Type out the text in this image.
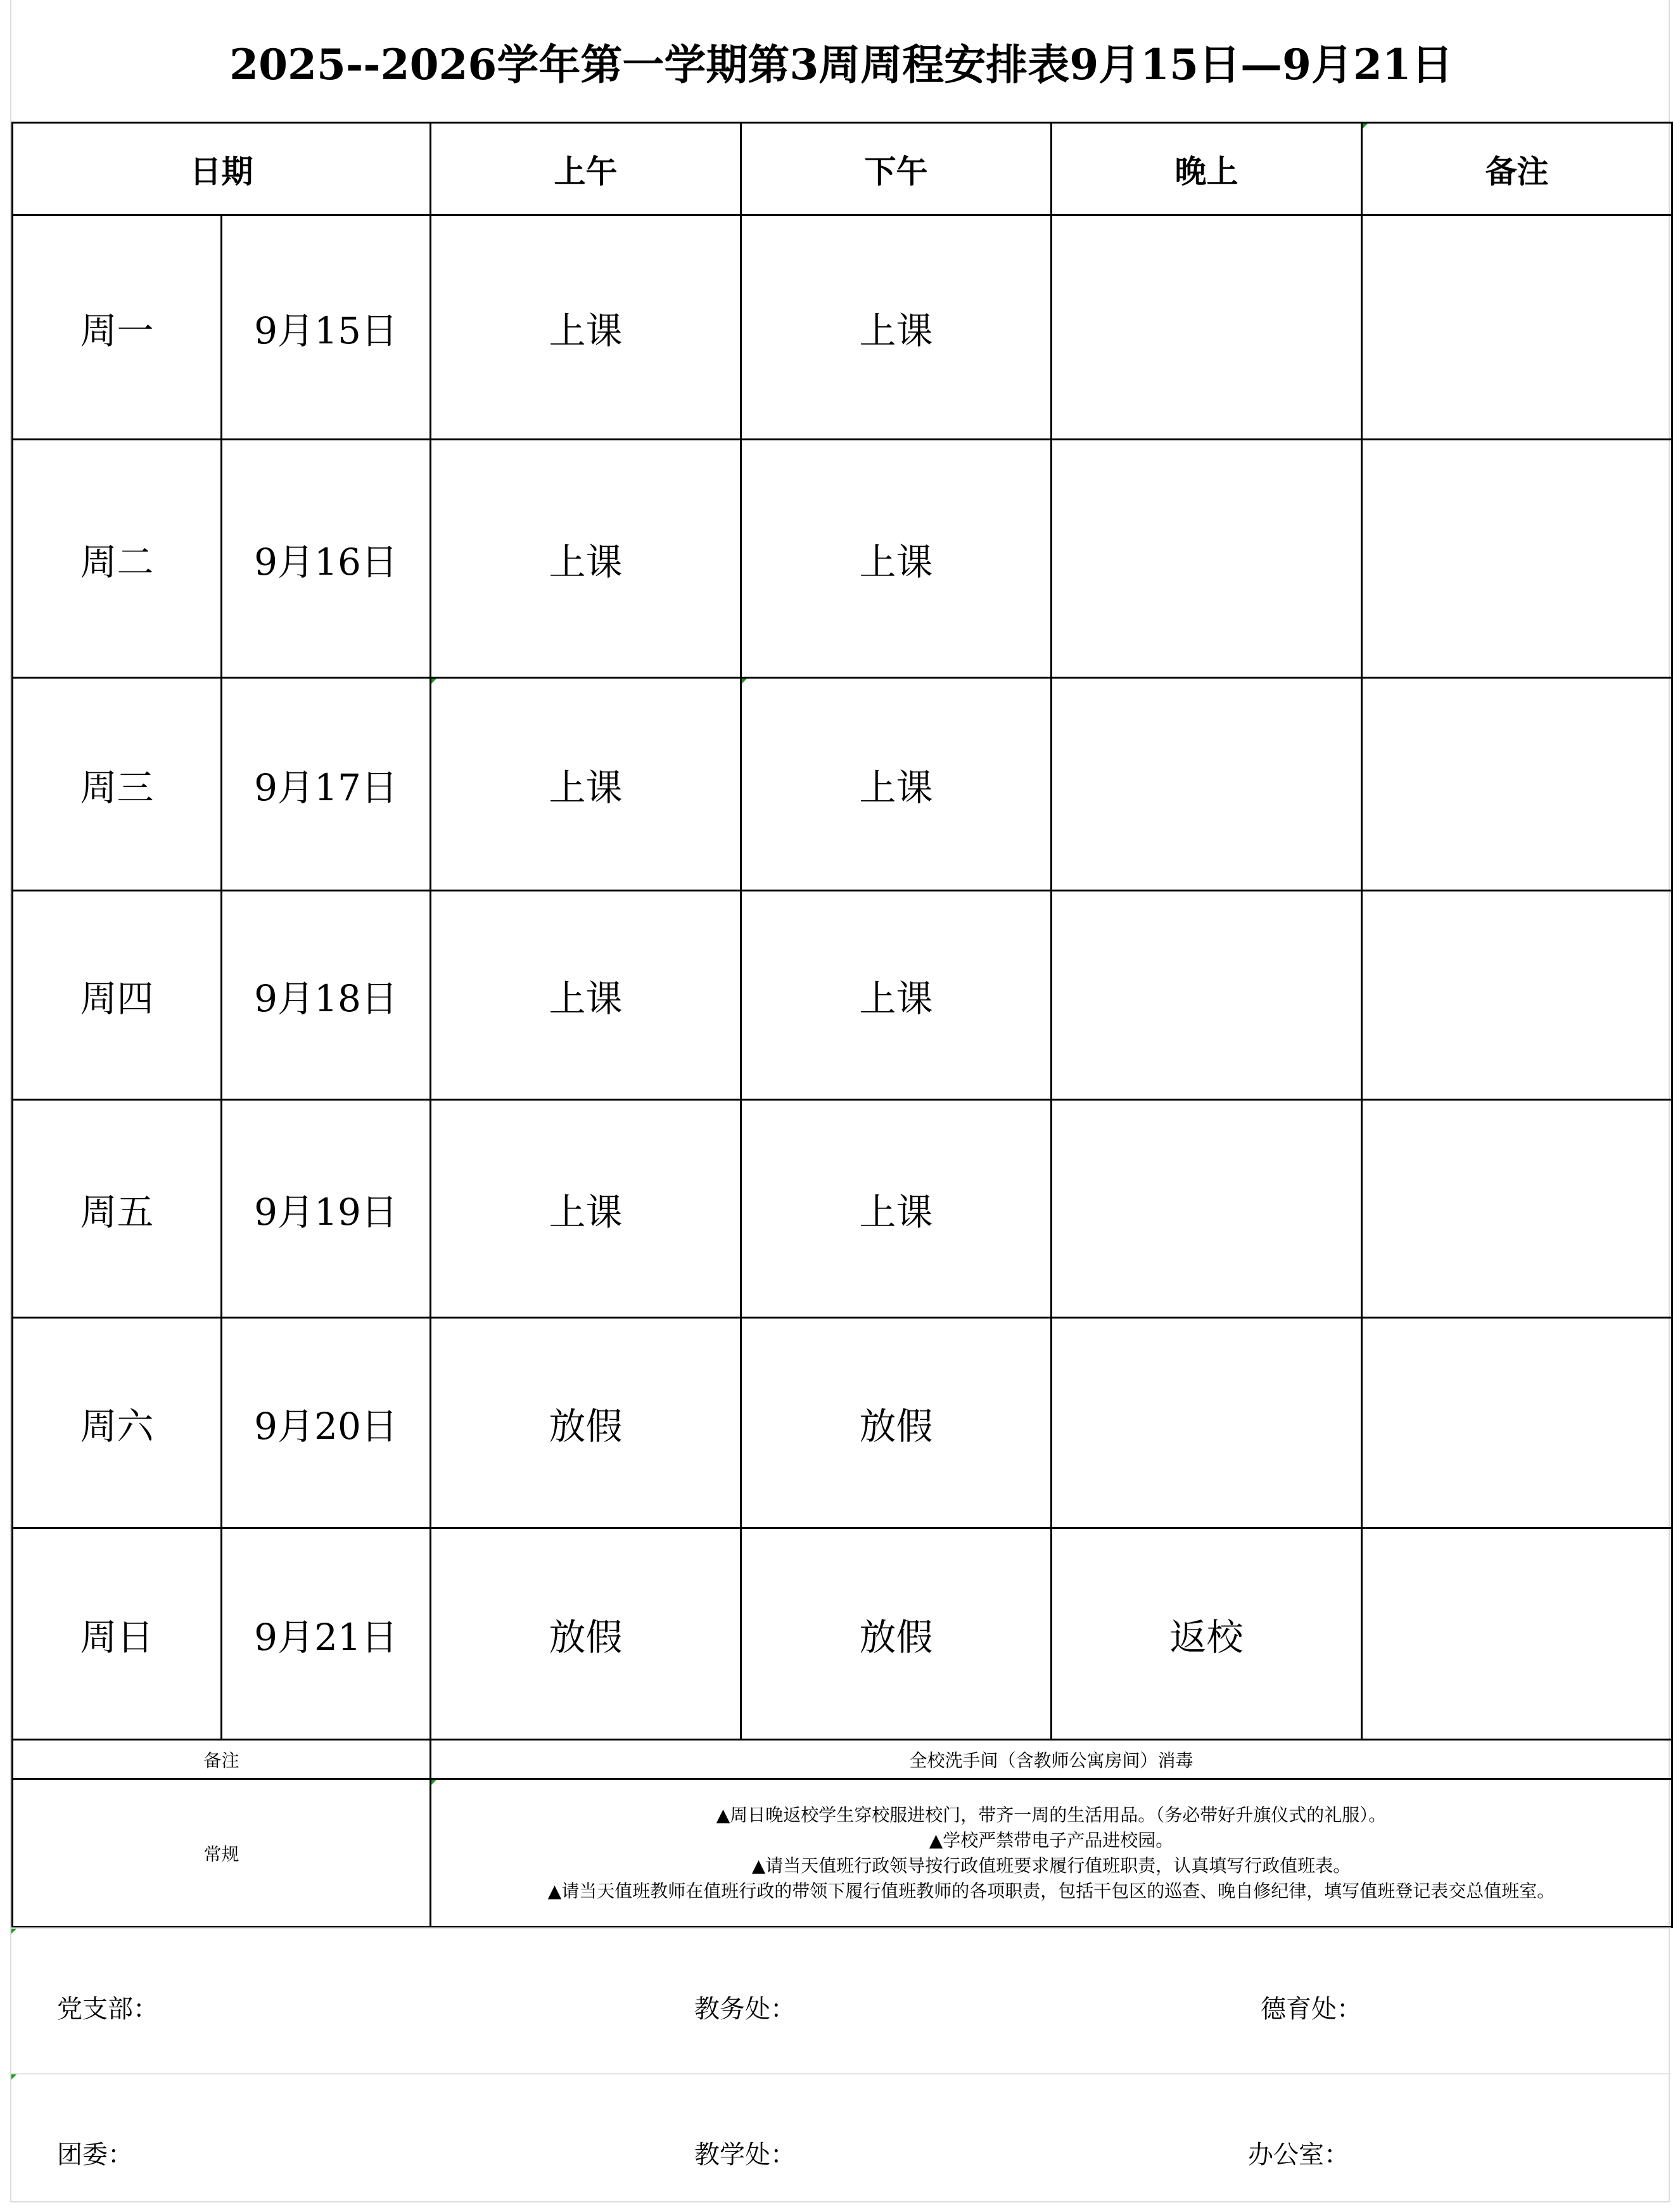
2025--2026学年第一学期第3周周程安排表9月15日—9月21日
日期		上午	下午	晚上	备注

周一	9月15日	上课	上课		
周二	9月16日	上课	上课		
周三	9月17日	上课	上课

周四	9月18日	上课	上课		
周五	9月19日	上课	上课		
周六	9月20日	放假	放假		
周日	9月21日	放假	放假	返校	
备注		全校洗手间（含教师公寓房间）消毒			
常规		▲周日晚返校学生穿校服进校门，带齐一周的生活用品。（务必带好升旗仪式的礼服）。
▲学校严禁带电子产品进校园。
▲请当天值班行政领导按行政值班要求履行值班职责，认真填写行政值班表。
▲请当天值班教师在值班行政的带领下履行值班教师的各项职责，包括干包区的巡查、晚自修纪律，填写值班登记表交总值班室。			
党支部：	教务处：	德育处：
团委：	教学处：	办公室：
